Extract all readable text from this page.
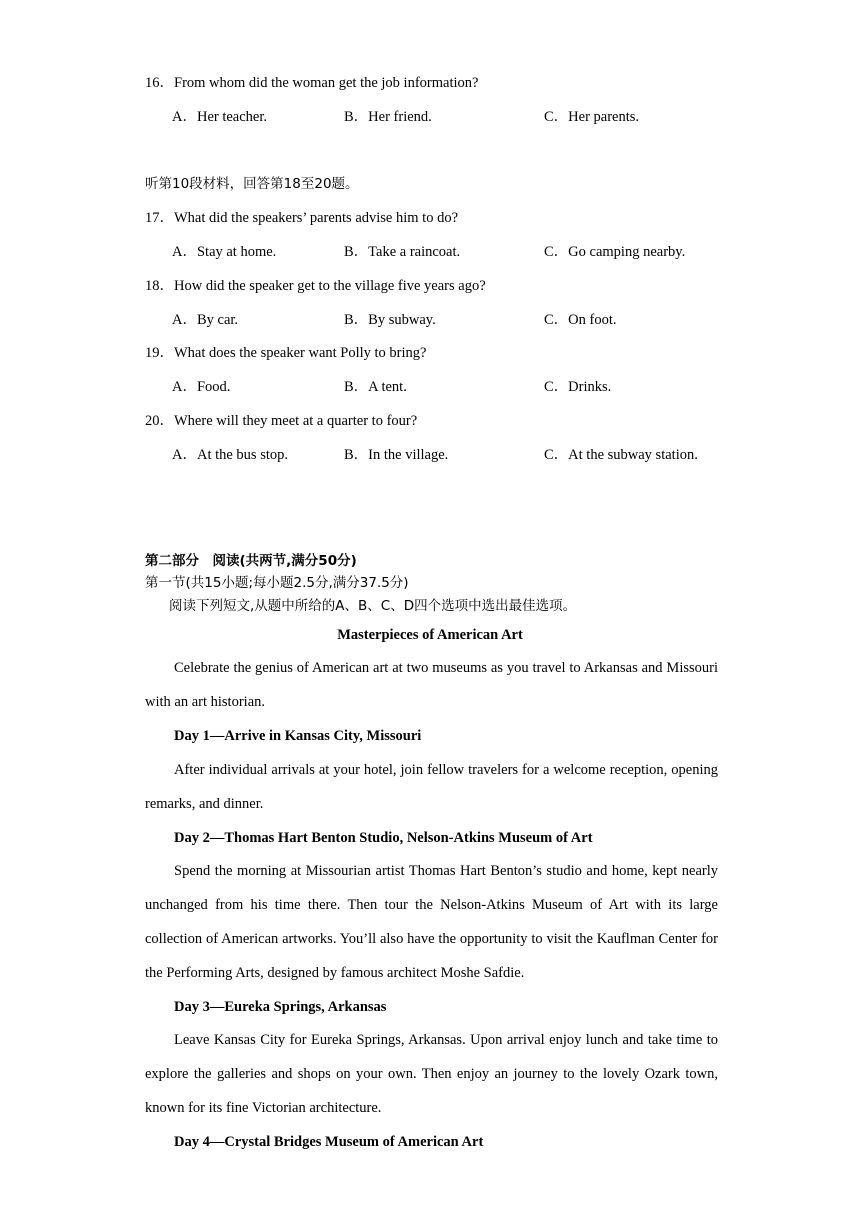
16．From whom did the woman get the job information?
A．Her teacher.	B．Her friend.	C．Her parents.
听第10段材料，回答第18至20题。
17．What did the speakers’ parents advise him to do?
A．Stay at home.	B．Take a raincoat.	C．Go camping nearby.
18．How did the speaker get to the village five years ago?
A．By car.	B．By subway.	C．On foot.
19．What does the speaker want Polly to bring?
A．Food.	B．A tent.	C．Drinks.
20．Where will they meet at a quarter to four?
A．At the bus stop.	B．In the village.	C．At the subway station.
第二部分　阅读(共两节,满分50分)
第一节(共15小题;每小题2.5分,满分37.5分)
阅读下列短文,从题中所给的A、B、C、D四个选项中选出最佳选项。
Masterpieces of American Art
Celebrate the genius of American art at two museums as you travel to Arkansas and Missouri with an art historian.
Day 1—Arrive in Kansas City, Missouri
After individual arrivals at your hotel, join fellow travelers for a welcome reception, opening remarks, and dinner.
Day 2—Thomas Hart Benton Studio, Nelson-Atkins Museum of Art
Spend the morning at Missourian artist Thomas Hart Benton’s studio and home, kept nearly unchanged from his time there. Then tour the Nelson-Atkins Museum of Art with its large collection of American artworks. You’ll also have the opportunity to visit the Kauflman Center for the Performing Arts, designed by famous architect Moshe Safdie.
Day 3—Eureka Springs, Arkansas
Leave Kansas City for Eureka Springs, Arkansas. Upon arrival enjoy lunch and take time to explore the galleries and shops on your own. Then enjoy an journey to the lovely Ozark town, known for its fine Victorian architecture.
Day 4—Crystal Bridges Museum of American Art
